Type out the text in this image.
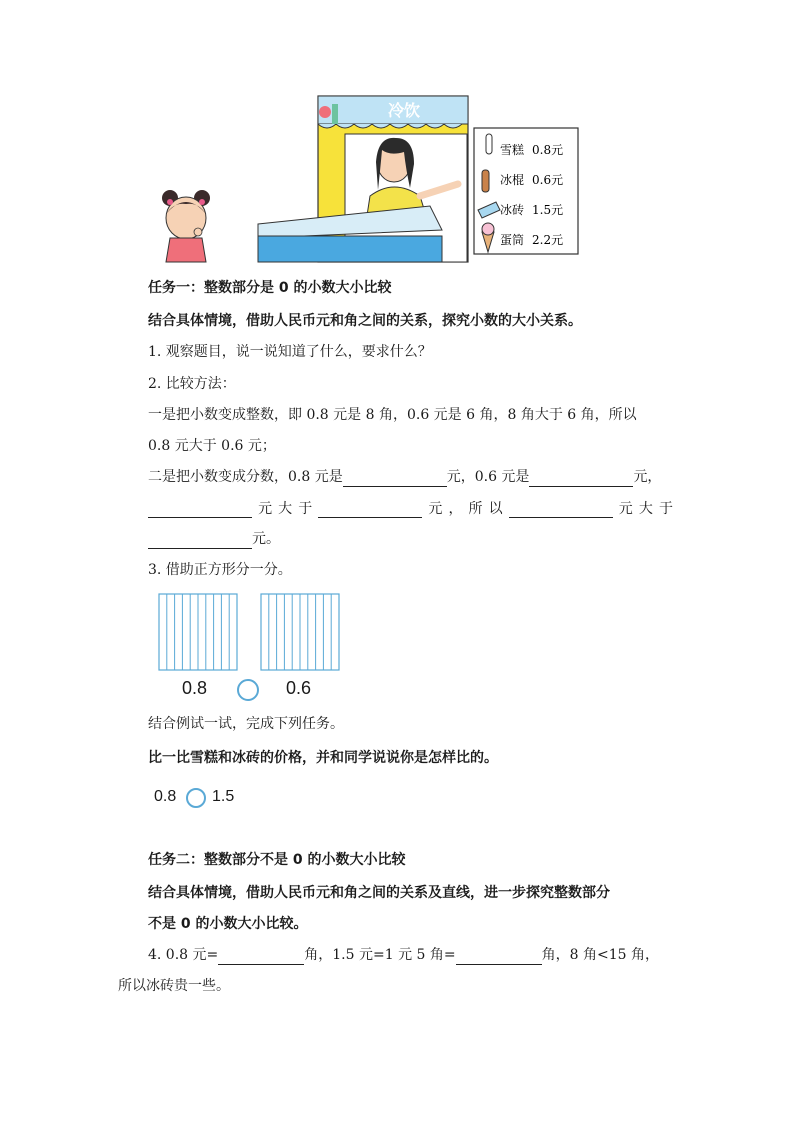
冷饮
雪糕 0.8元
冰棍 0.6元
冰砖 1.5元
蛋筒 2.2元
任务一：整数部分是 0 的小数大小比较
结合具体情境，借助人民币元和角之间的关系，探究小数的大小关系。
1. 观察题目，说一说知道了什么，要求什么？
2. 比较方法：
一是把小数变成整数，即 0.8 元是 8 角，0.6 元是 6 角，8 角大于 6 角，所以
0.8 元大于 0.6 元；
二是把小数变成分数，0.8 元是	元，0.6 元是	元，
元 大 于	元 ， 所 以	元 大 于
元。
3. 借助正方形分一分。
0.8	0.6
结合例试一试，完成下列任务。
比一比雪糕和冰砖的价格，并和同学说说你是怎样比的。
0.8 1.5
任务二：整数部分不是 0 的小数大小比较
结合具体情境，借助人民币元和角之间的关系及直线，进一步探究整数部分
不是 0 的小数大小比较。
4. 0.8 元=	角，1.5 元=1 元 5 角=	角，8 角<15 角，
所以冰砖贵一些。
